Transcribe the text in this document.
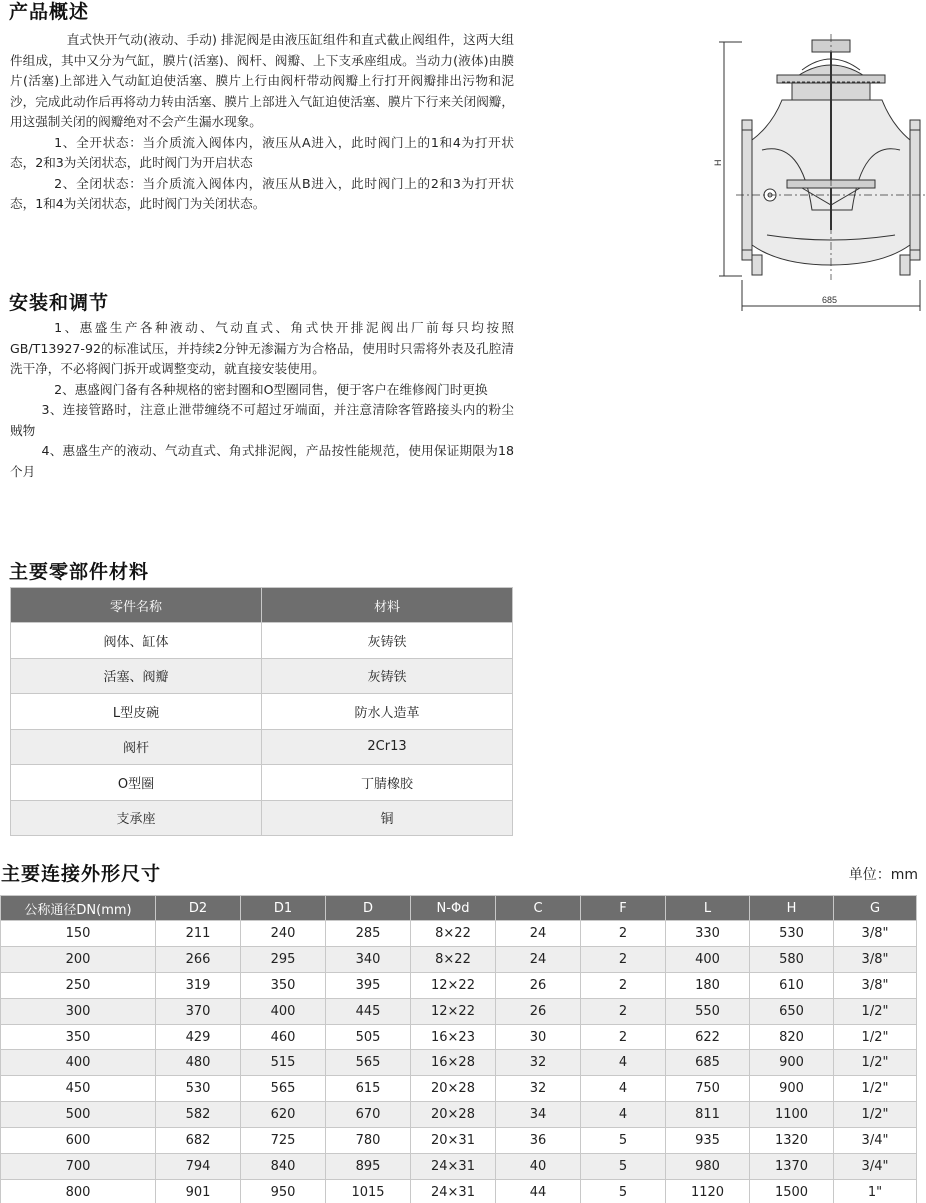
产品概述

直式快开气动(液动、手动) 排泥阀是由液压缸组件和直式截止阀组件，这两大组件组成，其中又分为气缸，膜片(活塞)、阀杆、阀瓣、上下支承座组成。当动力(液体)由膜片(活塞)上部进入气动缸迫使活塞、膜片上行由阀杆带动阀瓣上行打开阀瓣排出污物和泥沙，完成此动作后再将动力转由活塞、膜片上部进入气缸迫使活塞、膜片下行来关闭阀瓣，用这强制关闭的阀瓣绝对不会产生漏水现象。

1、全开状态：当介质流入阀体内，液压从A进入，此时阀门上的1和4为打开状态，2和3为关闭状态，此时阀门为开启状态

2、全闭状态：当介质流入阀体内，液压从B进入，此时阀门上的2和3为打开状态，1和4为关闭状态，此时阀门为关闭状态。

安装和调节

1、惠盛生产各种液动、气动直式、角式快开排泥阀出厂前每只均按照GB/T13927-92的标准试压，并持续2分钟无渗漏方为合格品，使用时只需将外表及孔腔清洗干净，不必将阀门拆开或调整变动，就直接安装使用。

2、惠盛阀门备有各种规格的密封圈和O型圈同售，便于客户在维修阀门时更换

3、连接管路时，注意止泄带缠绕不可超过牙端面，并注意清除客管路接头内的粉尘贼物

4、惠盛生产的液动、气动直式、角式排泥阀，产品按性能规范，使用保证期限为18个月

H
685
主要零部件材料
零件名称	材料
阀体、缸体	灰铸铁
活塞、阀瓣	灰铸铁
L型皮碗	防水人造革
阀杆	2Cr13
O型圈	丁腈橡胶
支承座	铜
主要连接外形尺寸	单位：mm
公称通径DN(mm)	D2	D1	D	N-Φd	C	F	L	H	G
150	211	240	285	8×22	24	2	330	530	3/8"
200	266	295	340	8×22	24	2	400	580	3/8"
250	319	350	395	12×22	26	2	180	610	3/8"
300	370	400	445	12×22	26	2	550	650	1/2"
350	429	460	505	16×23	30	2	622	820	1/2"
400	480	515	565	16×28	32	4	685	900	1/2"
450	530	565	615	20×28	32	4	750	900	1/2"
500	582	620	670	20×28	34	4	811	1100	1/2"
600	682	725	780	20×31	36	5	935	1320	3/4"
700	794	840	895	24×31	40	5	980	1370	3/4"
800	901	950	1015	24×31	44	5	1120	1500	1"
